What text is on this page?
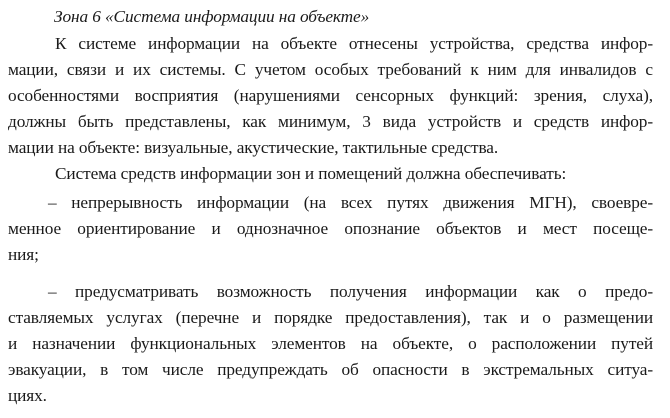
Зона 6 «Система информации на объекте»
К системе информации на объекте отнесены устройства, средства инфор-
мации, связи и их системы. С учетом особых требований к ним для инвалидов с
особенностями восприятия (нарушениями сенсорных функций: зрения, слуха),
должны быть представлены, как минимум, 3 вида устройств и средств инфор-
мации на объекте: визуальные, акустические, тактильные средства.
Система средств информации зон и помещений должна обеспечивать:
– непрерывность информации (на всех путях движения МГН), своевре-
менное ориентирование и однозначное опознание объектов и мест посеще-
ния;
– предусматривать возможность получения информации как о предо-
ставляемых услугах (перечне и порядке предоставления), так и о размещении
и назначении функциональных элементов на объекте, о расположении путей
эвакуации, в том числе предупреждать об опасности в экстремальных ситуа-
циях.
